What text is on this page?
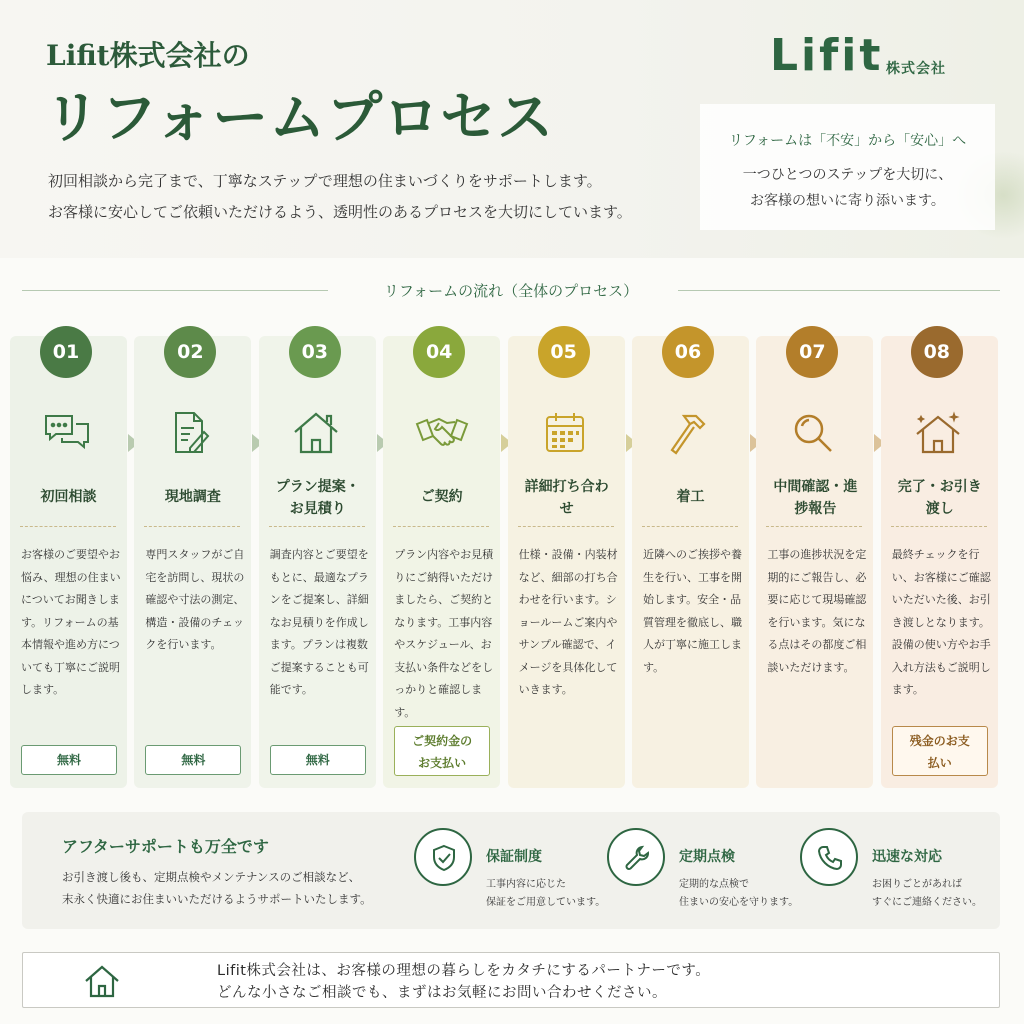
Lifit株式会社の
リフォームプロセス
初回相談から完了まで、丁寧なステップで理想の住まいづくりをサポートします。
お客様に安心してご依頼いただけるよう、透明性のあるプロセスを大切にしています。
Lifit 株式会社
リフォームは「不安」から「安心」へ
一つひとつのステップを大切に、
お客様の想いに寄り添います。
リフォームの流れ（全体のプロセス）
01
初回相談
お客様のご要望やお悩み、理想の住まいについてお聞きします。リフォームの基本情報や進め方についても丁寧にご説明します。
無料
02
現地調査
専門スタッフがご自宅を訪問し、現状の確認や寸法の測定、構造・設備のチェックを行います。
無料
03
プラン提案・お見積り
調査内容とご要望をもとに、最適なプランをご提案し、詳細なお見積りを作成します。プランは複数ご提案することも可能です。
無料
04
ご契約
プラン内容やお見積りにご納得いただけましたら、ご契約となります。工事内容やスケジュール、お支払い条件などをしっかりと確認します。
ご契約金のお支払い
05
詳細打ち合わせ
仕様・設備・内装材など、細部の打ち合わせを行います。ショールームご案内やサンプル確認で、イメージを具体化していきます。
06
着工
近隣へのご挨拶や養生を行い、工事を開始します。安全・品質管理を徹底し、職人が丁寧に施工します。
07
中間確認・進捗報告
工事の進捗状況を定期的にご報告し、必要に応じて現場確認を行います。気になる点はその都度ご相談いただけます。
08
完了・お引き渡し
最終チェックを行い、お客様にご確認いただいた後、お引き渡しとなります。設備の使い方やお手入れ方法もご説明します。
残金のお支払い
アフターサポートも万全です
お引き渡し後も、定期点検やメンテナンスのご相談など、
末永く快適にお住まいいただけるようサポートいたします。
保証制度
工事内容に応じた
保証をご用意しています。
定期点検
定期的な点検で
住まいの安心を守ります。
迅速な対応
お困りごとがあれば
すぐにご連絡ください。
Lifit株式会社は、お客様の理想の暮らしをカタチにするパートナーです。
どんな小さなご相談でも、まずはお気軽にお問い合わせください。
